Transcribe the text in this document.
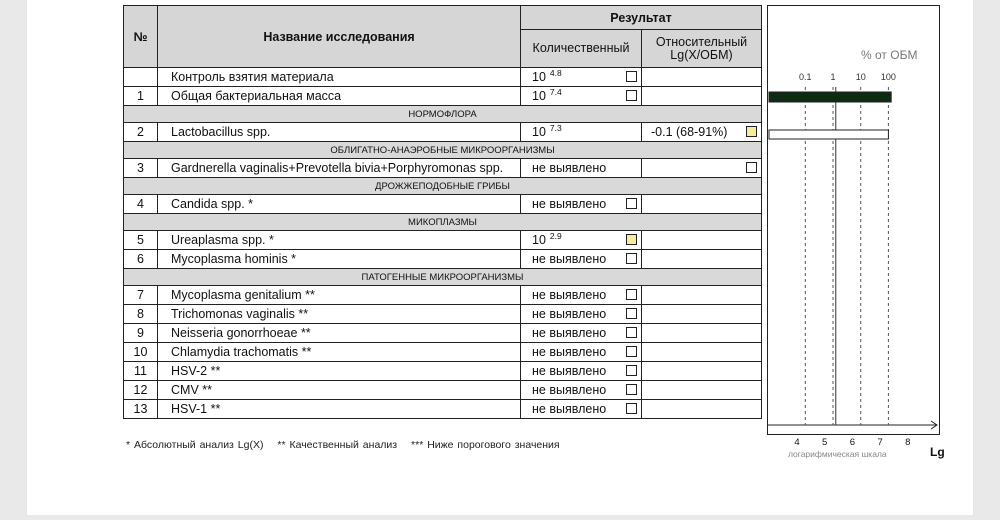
№	Название исследования	Результат	
		Количественный	Относительный
Lg(X/ОБМ)
	Контроль взятия материала	10 $^{4.8}$

1	Общая бактериальная масса	10 $^{7.4}$

НОРМОФЛОРА			
2	Lactobacillus spp.	10 $^{7.3}$	-0.1 (68-91%)

ОБЛИГАТНО-АНАЭРОБНЫЕ МИКРООРГАНИЗМЫ			
3	Gardnerella vaginalis+Prevotella bivia+Porphyromonas spp.	не выявлено	

ДРОЖЖЕПОДОБНЫЕ ГРИБЫ			
4	Candida spp. *	не выявлено

МИКОПЛАЗМЫ			
5	Ureaplasma spp. *	10 $^{2.9}$

6	Mycoplasma hominis *	не выявлено

ПАТОГЕННЫЕ МИКРООРГАНИЗМЫ			
7	Mycoplasma genitalium **	не выявлено

8	Trichomonas vaginalis **	не выявлено

9	Neisseria gonorrhoeae **	не выявлено

10	Chlamydia trachomatis **	не выявлено

11	HSV-2 **	не выявлено

12	CMV **	не выявлено

13	HSV-1 **	не выявлено

* Абсолютный анализ Lg(X) ** Качественный анализ *** Ниже порогового значения
% от ОБМ
логарифмическая шкала	Lg
0.1 1 10 100
4 5 6 7 8
